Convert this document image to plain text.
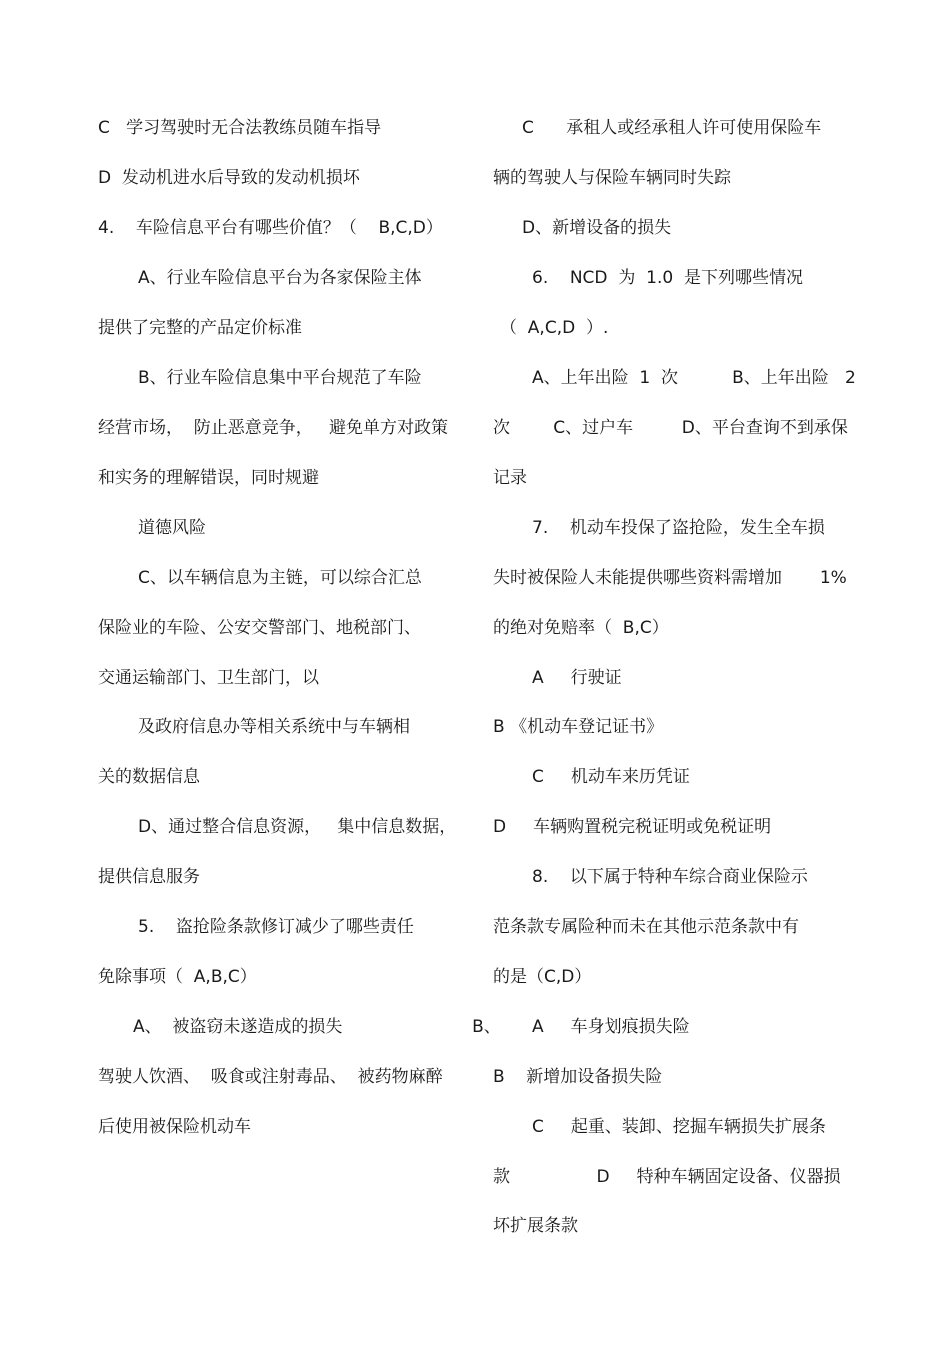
C   学习驾驶时无合法教练员随车指导
D  发动机进水后导致的发动机损坏
4.    车险信息平台有哪些价值？（    B,C,D）
A、行业车险信息平台为各家保险主体
提供了完整的产品定价标准
B、行业车险信息集中平台规范了车险
经营市场，  防止恶意竞争，   避免单方对政策
和实务的理解错误，同时规避
道德风险
C、以车辆信息为主链，可以综合汇总
保险业的车险、公安交警部门、地税部门、
交通运输部门、卫生部门，以
及政府信息办等相关系统中与车辆相
关的数据信息
D、通过整合信息资源，   集中信息数据，
提供信息服务
5.    盗抢险条款修订减少了哪些责任
免除事项（  A,B,C）
A、  被盗窃未遂造成的损失                        B、
驾驶人饮酒、  吸食或注射毒品、  被药物麻醉
后使用被保险机动车
C      承租人或经承租人许可使用保险车
辆的驾驶人与保险车辆同时失踪
D、新增设备的损失
6.    NCD  为  1.0  是下列哪些情况
（  A,C,D  ）.
A、上年出险  1  次          B、上年出险   2
次        C、过户车         D、平台查询不到承保
记录
7.    机动车投保了盗抢险，发生全车损
失时被保险人未能提供哪些资料需增加       1%
的绝对免赔率（  B,C）
A     行驶证
B 《机动车登记证书》
C     机动车来历凭证
D     车辆购置税完税证明或免税证明
8.    以下属于特种车综合商业保险示
范条款专属险种而未在其他示范条款中有
的是（C,D）
A     车身划痕损失险
B    新增加设备损失险
C     起重、装卸、挖掘车辆损失扩展条
款                D     特种车辆固定设备、仪器损
坏扩展条款
